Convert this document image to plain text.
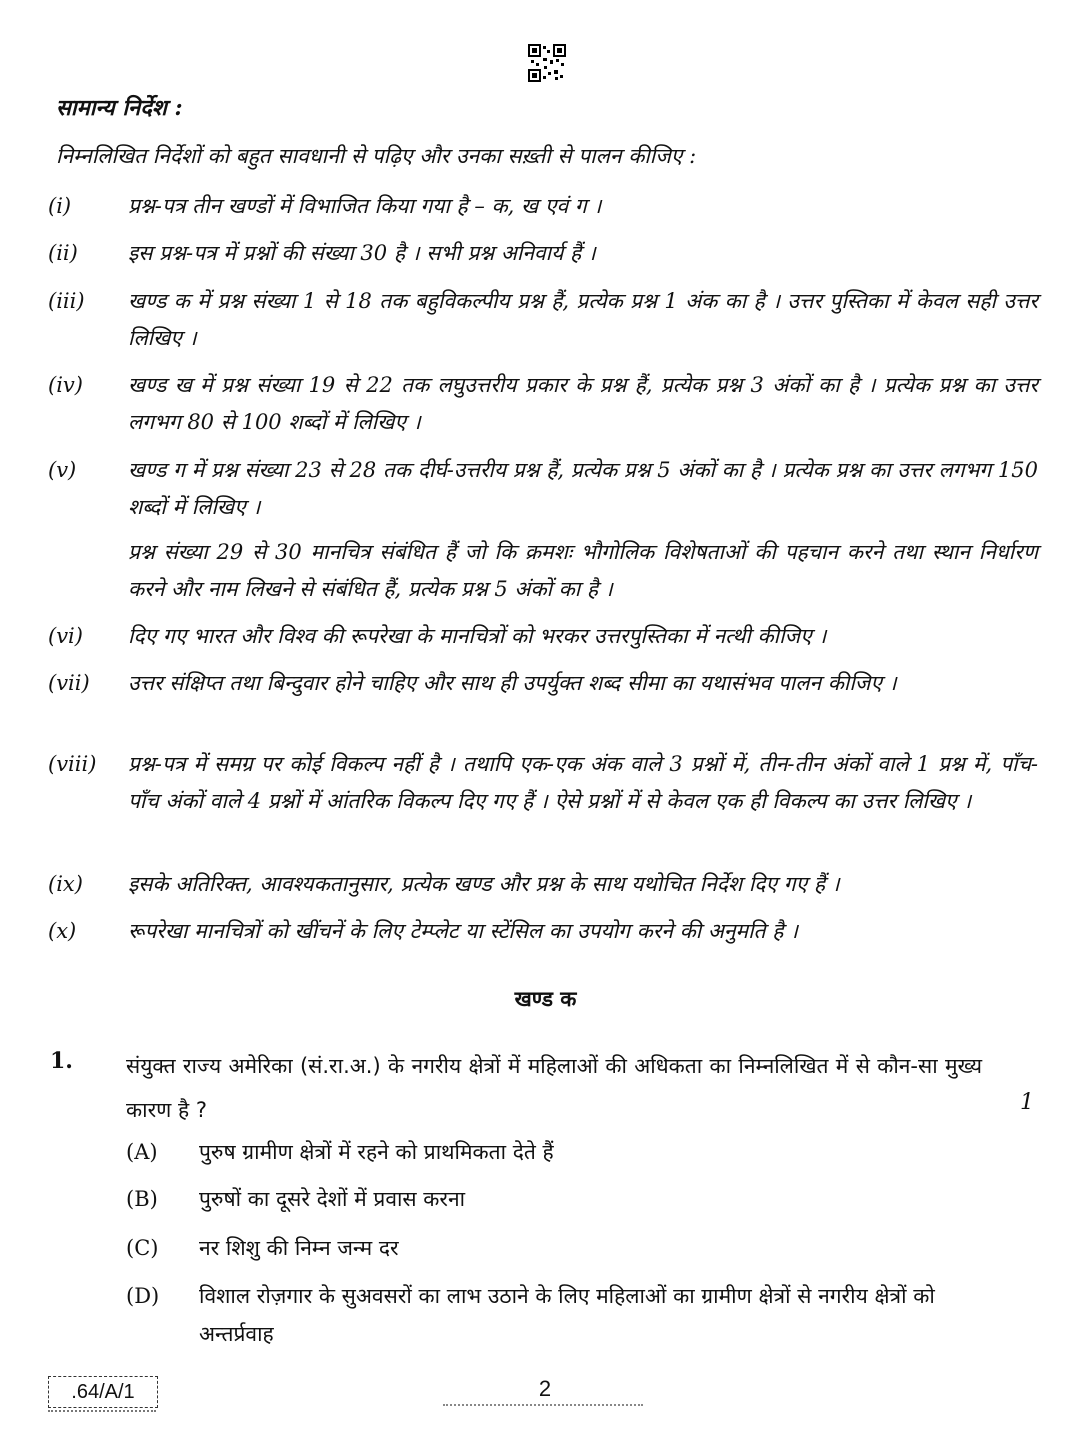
सामान्य निर्देश :
निम्नलिखित निर्देशों को बहुत सावधानी से पढ़िए और उनका सख़्ती से पालन कीजिए :
(i)	प्रश्न-पत्र तीन खण्डों में विभाजित किया गया है – क, ख एवं ग ।
(ii)	इस प्रश्न-पत्र में प्रश्नों की संख्या 30 है । सभी प्रश्न अनिवार्य हैं ।
(iii)	खण्ड क में प्रश्न संख्या 1 से 18 तक बहुविकल्पीय प्रश्न हैं, प्रत्येक प्रश्न 1 अंक का है । उत्तर पुस्तिका में केवल सही उत्तर लिखिए ।
(iv)	खण्ड ख में प्रश्न संख्या 19 से 22 तक लघुउत्तरीय प्रकार के प्रश्न हैं, प्रत्येक प्रश्न 3 अंकों का है । प्रत्येक प्रश्न का उत्तर लगभग 80 से 100 शब्दों में लिखिए ।
(v)	खण्ड ग में प्रश्न संख्या 23 से 28 तक दीर्घ-उत्तरीय प्रश्न हैं, प्रत्येक प्रश्न 5 अंकों का है । प्रत्येक प्रश्न का उत्तर लगभग 150 शब्दों में लिखिए ।
प्रश्न संख्या 29 से 30 मानचित्र संबंधित हैं जो कि क्रमशः भौगोलिक विशेषताओं की पहचान करने तथा स्थान निर्धारण करने और नाम लिखने से संबंधित हैं, प्रत्येक प्रश्न 5 अंकों का है ।
(vi)	दिए गए भारत और विश्व की रूपरेखा के मानचित्रों को भरकर उत्तरपुस्तिका में नत्थी कीजिए ।
(vii)	उत्तर संक्षिप्त तथा बिन्दुवार होने चाहिए और साथ ही उपर्युक्त शब्द सीमा का यथासंभव पालन कीजिए ।
(viii)	प्रश्न-पत्र में समग्र पर कोई विकल्प नहीं है । तथापि एक-एक अंक वाले 3 प्रश्नों में, तीन-तीन अंकों वाले 1 प्रश्न में, पाँच-पाँच अंकों वाले 4 प्रश्नों में आंतरिक विकल्प दिए गए हैं । ऐसे प्रश्नों में से केवल एक ही विकल्प का उत्तर लिखिए ।
(ix)	इसके अतिरिक्त, आवश्यकतानुसार, प्रत्येक खण्ड और प्रश्न के साथ यथोचित निर्देश दिए गए हैं ।
(x)	रूपरेखा मानचित्रों को खींचनें के लिए टेम्प्लेट या स्टेंसिल का उपयोग करने की अनुमति है ।
खण्ड क
1.	संयुक्त राज्य अमेरिका (सं.रा.अ.) के नगरीय क्षेत्रों में महिलाओं की अधिकता का निम्नलिखित में से कौन-सा मुख्य कारण है ?	1
(A)	पुरुष ग्रामीण क्षेत्रों में रहने को प्राथमिकता देते हैं
(B)	पुरुषों का दूसरे देशों में प्रवास करना
(C)	नर शिशु की निम्न जन्म दर
(D)	विशाल रोज़गार के सुअवसरों का लाभ उठाने के लिए महिलाओं का ग्रामीण क्षेत्रों से नगरीय क्षेत्रों को अन्तर्प्रवाह
.64/A/1	2
